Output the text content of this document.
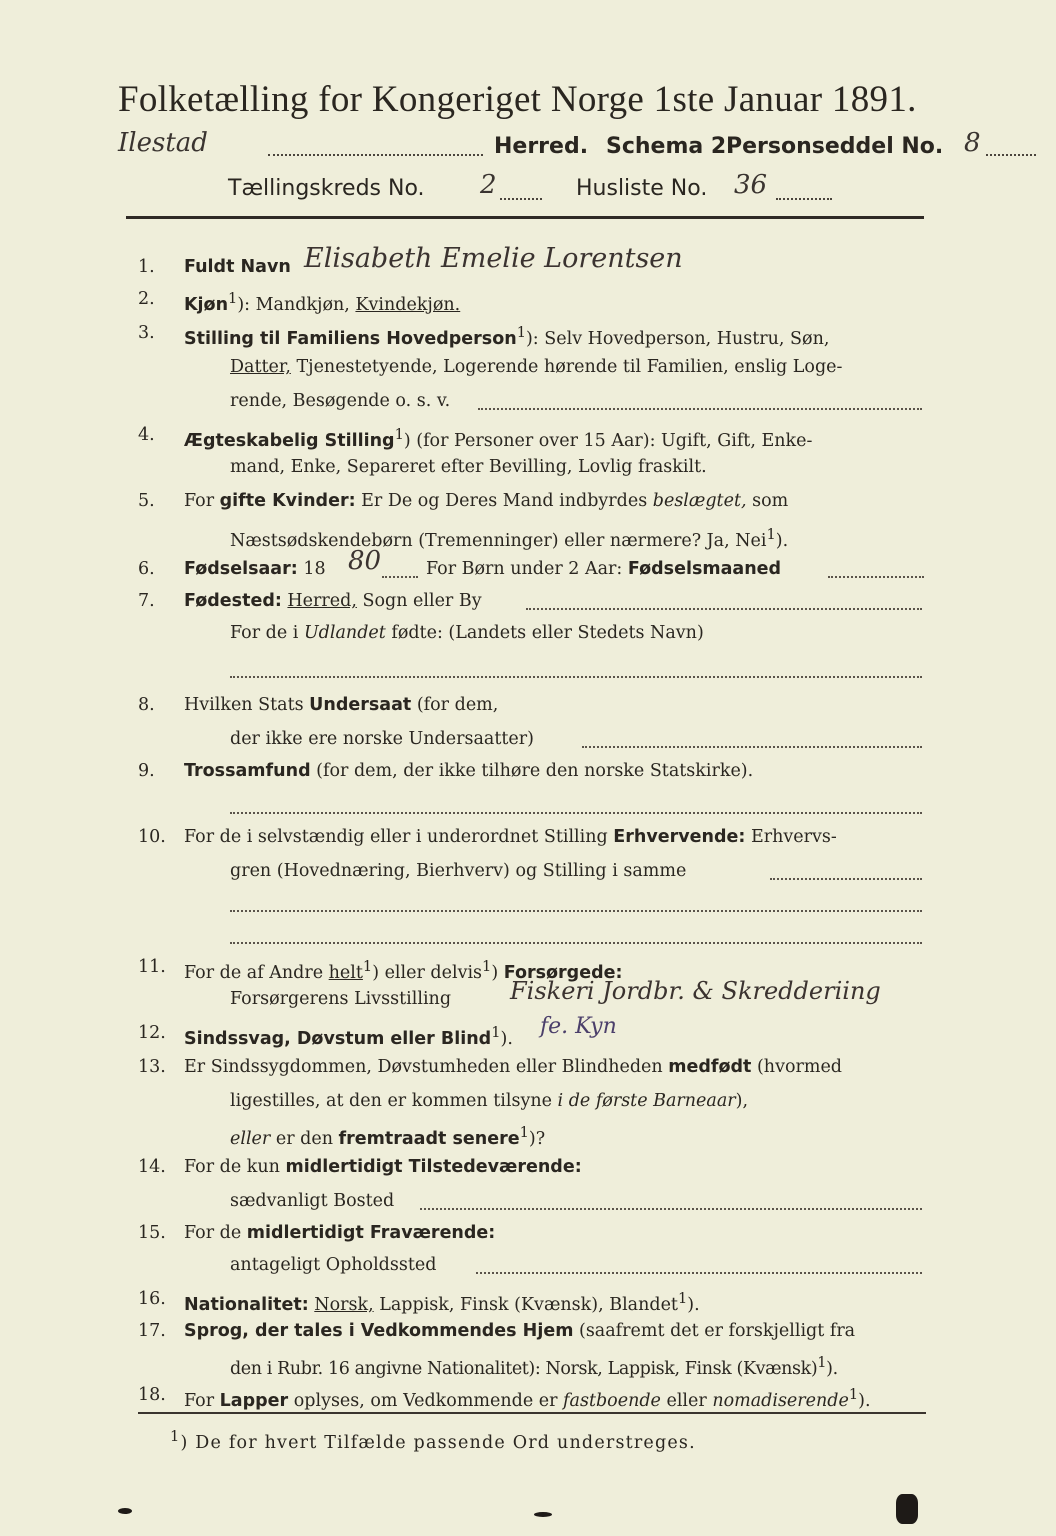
Folketælling for Kongeriget Norge 1ste Januar 1891.
Ilestad	Herred. Schema 2.
Personseddel No. 8
Tællingskreds No. 2	Husliste No. 36
1.	Fuldt Navn Elisabeth Emelie Lorentsen
2.	Kjøn$^1$): Mandkjøn, Kvindekjøn.
3.	Stilling til Familiens Hovedperson$^1$): Selv Hovedperson, Hustru, Søn,
Datter, Tjenestetyende, Logerende hørende til Familien, enslig Loge-
rende, Besøgende o. s. v.
4.	Ægteskabelig Stilling$^1$) (for Personer over 15 Aar): Ugift, Gift, Enke-
mand, Enke, Separeret efter Bevilling, Lovlig fraskilt.
5.	For gifte Kvinder: Er De og Deres Mand indbyrdes beslægtet, som
Næstsødskendebørn (Tremenninger) eller nærmere? Ja, Nei$^1$).
6.	Fødselsaar: 18 80	For Børn under 2 Aar: Fødselsmaaned
7.	Fødested: Herred, Sogn eller By
For de i Udlandet fødte: (Landets eller Stedets Navn)
8.	Hvilken Stats Undersaat (for dem,
der ikke ere norske Undersaatter)
9.	Trossamfund (for dem, der ikke tilhøre den norske Statskirke).
10.	For de i selvstændig eller i underordnet Stilling Erhvervende: Erhvervs-
gren (Hovednæring, Bierhverv) og Stilling i samme
11.	For de af Andre helt$^1$) eller delvis$^1$) Forsørgede:
Forsørgerens Livsstilling Fiskeri Jordbr. & Skredderiing
12.	Sindssvag, Døvstum eller Blind$^1$). fe. Kyn
13.	Er Sindssygdommen, Døvstumheden eller Blindheden medfødt (hvormed
ligestilles, at den er kommen tilsyne i de første Barneaar),
eller er den fremtraadt senere$^1$)?
14.	For de kun midlertidigt Tilstedeværende:
sædvanligt Bosted
15.	For de midlertidigt Fraværende:
antageligt Opholdssted
16.	Nationalitet: Norsk, Lappisk, Finsk (Kvænsk), Blandet$^1$).
17.	Sprog, der tales i Vedkommendes Hjem (saafremt det er forskjelligt fra
den i Rubr. 16 angivne Nationalitet): Norsk, Lappisk, Finsk (Kvænsk)$^1$).
18.	For Lapper oplyses, om Vedkommende er fastboende eller nomadiserende$^1$).
$^1$) De for hvert Tilfælde passende Ord understreges.
